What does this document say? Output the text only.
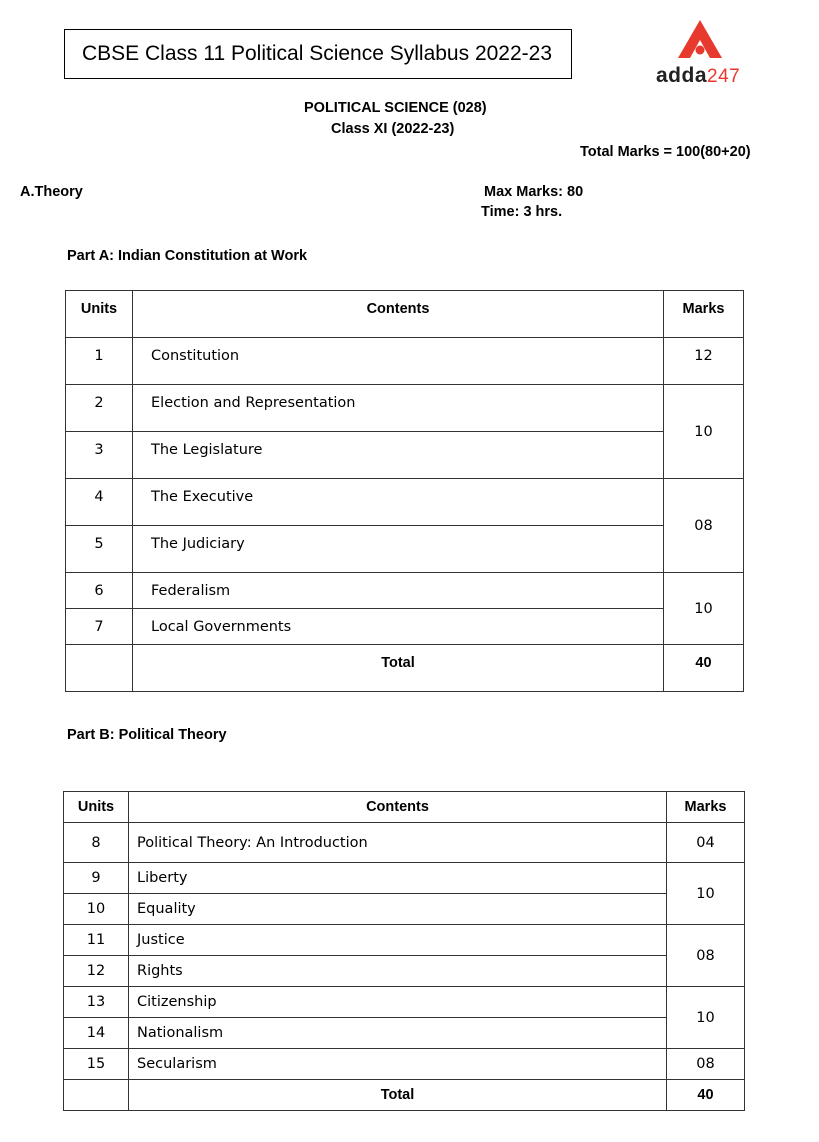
CBSE Class 11 Political Science Syllabus 2022-23
adda247
POLITICAL SCIENCE (028)
Class XI (2022-23)
Total Marks = 100(80+20)
A.Theory	Max Marks: 80
Time: 3 hrs.
Part A: Indian Constitution at Work
Units	Contents	Marks
1	Constitution	12
2	Election and Representation	10
3	The Legislature	
4	The Executive	08
5	The Judiciary	
6	Federalism	10
7	Local Governments	
	Total	40
Part B: Political Theory
Units	Contents	Marks
8	Political Theory: An Introduction	04
9	Liberty	10
10	Equality	
11	Justice	08
12	Rights	
13	Citizenship	10
14	Nationalism	
15	Secularism	08
	Total	40
